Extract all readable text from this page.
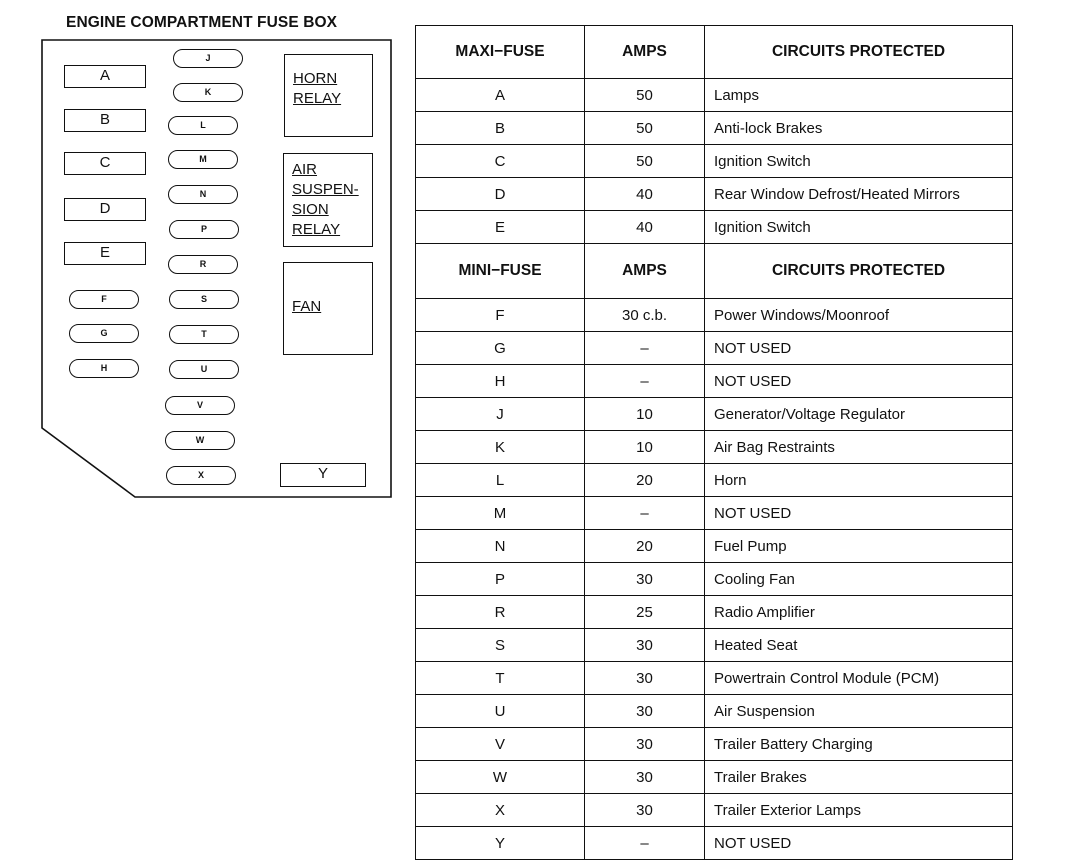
ENGINE COMPARTMENT FUSE BOX
A
B
C
D
E
F
G
H
J
K
L
M
N
P
R
S
T
U
V
W
X
HORN
RELAY
AIR
SUSPEN-
SION
RELAY
FAN
Y
MAXI−FUSE	AMPS	CIRCUITS PROTECTED
A	50	Lamps
B	50	Anti-lock Brakes
C	50	Ignition Switch
D	40	Rear Window Defrost/Heated Mirrors
E	40	Ignition Switch
MINI−FUSE	AMPS	CIRCUITS PROTECTED
F	30 c.b.	Power Windows/Moonroof
G	–	NOT USED
H	–	NOT USED
J	10	Generator/Voltage Regulator
K	10	Air Bag Restraints
L	20	Horn
M	–	NOT USED
N	20	Fuel Pump
P	30	Cooling Fan
R	25	Radio Amplifier
S	30	Heated Seat
T	30	Powertrain Control Module (PCM)
U	30	Air Suspension
V	30	Trailer Battery Charging
W	30	Trailer Brakes
X	30	Trailer Exterior Lamps
Y	–	NOT USED
